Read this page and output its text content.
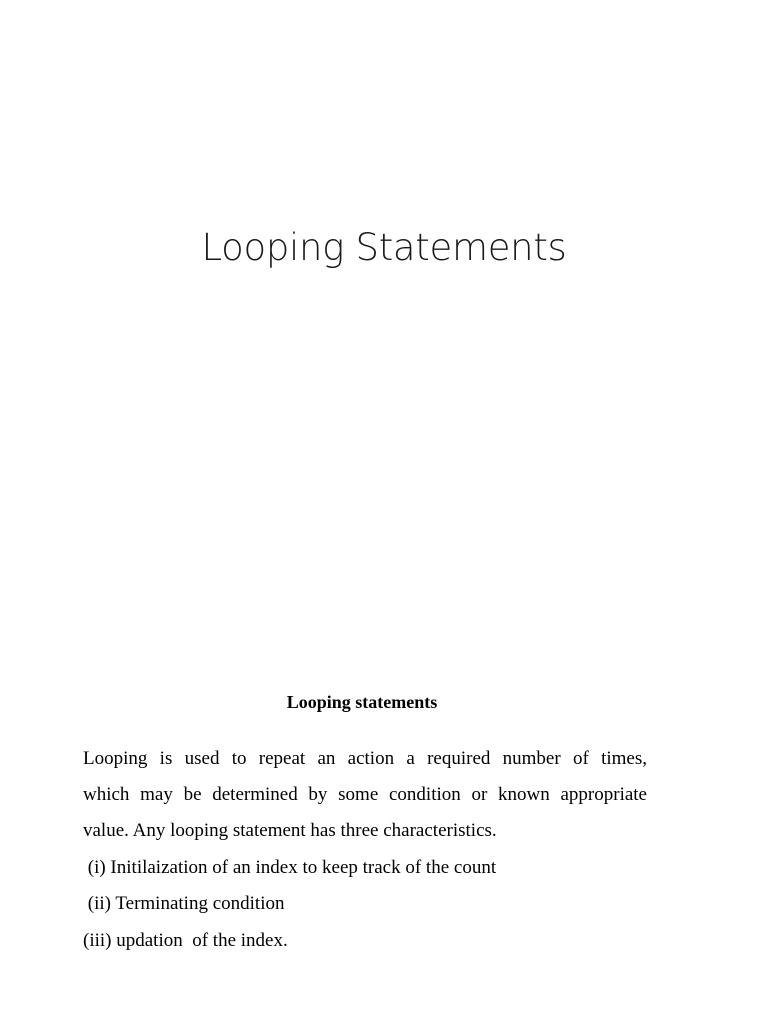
Looping Statements
Looping statements
Looping is used to repeat an action a required number of times,
which may be determined by some condition or known appropriate
value. Any looping statement has three characteristics.
(i) Initilaization of an index to keep track of the count
(ii) Terminating condition
(iii) updation  of the index.
